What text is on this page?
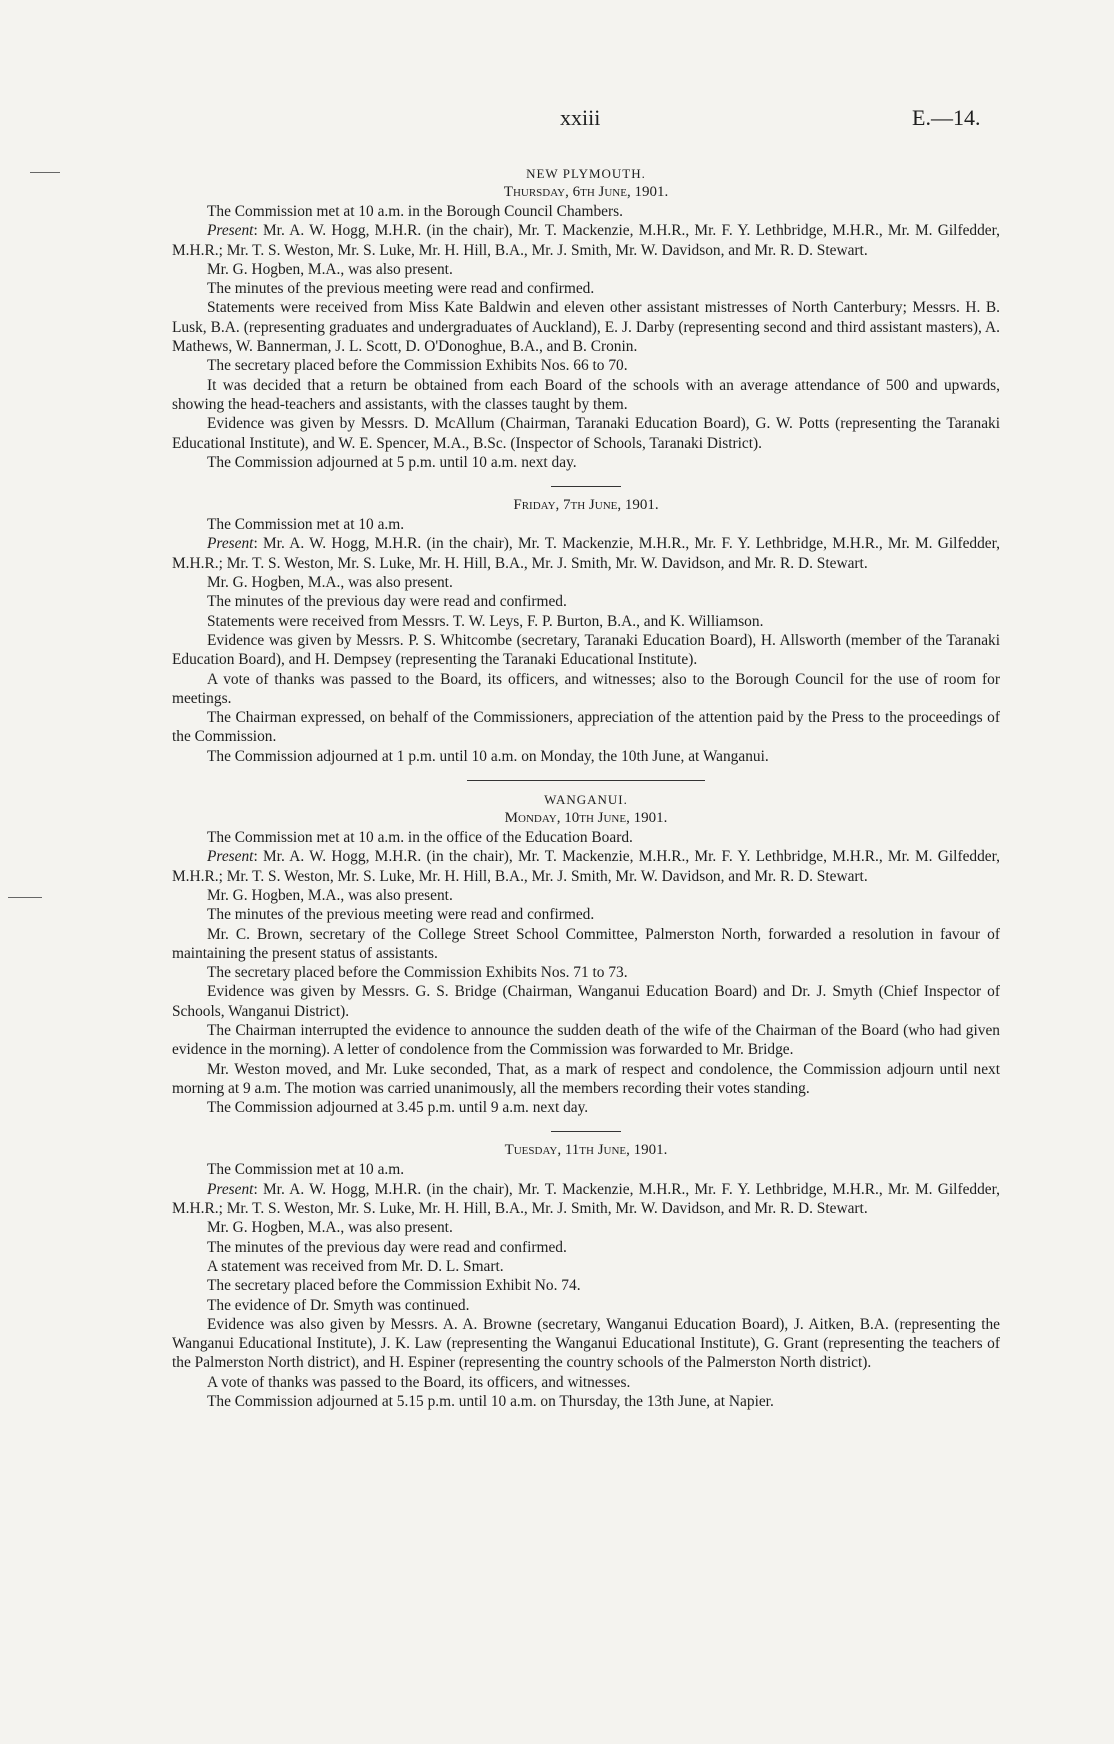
xxiii	E.—14.
NEW PLYMOUTH.
Thursday, 6th June, 1901.

The Commission met at 10 a.m. in the Borough Council Chambers.

Present: Mr. A. W. Hogg, M.H.R. (in the chair), Mr. T. Mackenzie, M.H.R., Mr. F. Y. Lethbridge, M.H.R., Mr. M. Gilfedder, M.H.R.; Mr. T. S. Weston, Mr. S. Luke, Mr. H. Hill, B.A., Mr. J. Smith, Mr. W. Davidson, and Mr. R. D. Stewart.

Mr. G. Hogben, M.A., was also present.

The minutes of the previous meeting were read and confirmed.

Statements were received from Miss Kate Baldwin and eleven other assistant mistresses of North Canterbury; Messrs. H. B. Lusk, B.A. (representing graduates and undergraduates of Auckland), E. J. Darby (representing second and third assistant masters), A. Mathews, W. Bannerman, J. L. Scott, D. O'Donoghue, B.A., and B. Cronin.

The secretary placed before the Commission Exhibits Nos. 66 to 70.

It was decided that a return be obtained from each Board of the schools with an average attendance of 500 and upwards, showing the head-teachers and assistants, with the classes taught by them.

Evidence was given by Messrs. D. McAllum (Chairman, Taranaki Education Board), G. W. Potts (representing the Taranaki Educational Institute), and W. E. Spencer, M.A., B.Sc. (Inspector of Schools, Taranaki District).

The Commission adjourned at 5 p.m. until 10 a.m. next day.

Friday, 7th June, 1901.

The Commission met at 10 a.m.

Present: Mr. A. W. Hogg, M.H.R. (in the chair), Mr. T. Mackenzie, M.H.R., Mr. F. Y. Lethbridge, M.H.R., Mr. M. Gilfedder, M.H.R.; Mr. T. S. Weston, Mr. S. Luke, Mr. H. Hill, B.A., Mr. J. Smith, Mr. W. Davidson, and Mr. R. D. Stewart.

Mr. G. Hogben, M.A., was also present.

The minutes of the previous day were read and confirmed.

Statements were received from Messrs. T. W. Leys, F. P. Burton, B.A., and K. Williamson.

Evidence was given by Messrs. P. S. Whitcombe (secretary, Taranaki Education Board), H. Allsworth (member of the Taranaki Education Board), and H. Dempsey (representing the Taranaki Educational Institute).

A vote of thanks was passed to the Board, its officers, and witnesses; also to the Borough Council for the use of room for meetings.

The Chairman expressed, on behalf of the Commissioners, appreciation of the attention paid by the Press to the proceedings of the Commission.

The Commission adjourned at 1 p.m. until 10 a.m. on Monday, the 10th June, at Wanganui.

WANGANUI.
Monday, 10th June, 1901.

The Commission met at 10 a.m. in the office of the Education Board.

Present: Mr. A. W. Hogg, M.H.R. (in the chair), Mr. T. Mackenzie, M.H.R., Mr. F. Y. Lethbridge, M.H.R., Mr. M. Gilfedder, M.H.R.; Mr. T. S. Weston, Mr. S. Luke, Mr. H. Hill, B.A., Mr. J. Smith, Mr. W. Davidson, and Mr. R. D. Stewart.

Mr. G. Hogben, M.A., was also present.

The minutes of the previous meeting were read and confirmed.

Mr. C. Brown, secretary of the College Street School Committee, Palmerston North, forwarded a resolution in favour of maintaining the present status of assistants.

The secretary placed before the Commission Exhibits Nos. 71 to 73.

Evidence was given by Messrs. G. S. Bridge (Chairman, Wanganui Education Board) and Dr. J. Smyth (Chief Inspector of Schools, Wanganui District).

The Chairman interrupted the evidence to announce the sudden death of the wife of the Chairman of the Board (who had given evidence in the morning). A letter of condolence from the Commission was forwarded to Mr. Bridge.

Mr. Weston moved, and Mr. Luke seconded, That, as a mark of respect and condolence, the Commission adjourn until next morning at 9 a.m. The motion was carried unanimously, all the members recording their votes standing.

The Commission adjourned at 3.45 p.m. until 9 a.m. next day.

Tuesday, 11th June, 1901.

The Commission met at 10 a.m.

Present: Mr. A. W. Hogg, M.H.R. (in the chair), Mr. T. Mackenzie, M.H.R., Mr. F. Y. Lethbridge, M.H.R., Mr. M. Gilfedder, M.H.R.; Mr. T. S. Weston, Mr. S. Luke, Mr. H. Hill, B.A., Mr. J. Smith, Mr. W. Davidson, and Mr. R. D. Stewart.

Mr. G. Hogben, M.A., was also present.

The minutes of the previous day were read and confirmed.

A statement was received from Mr. D. L. Smart.

The secretary placed before the Commission Exhibit No. 74.

The evidence of Dr. Smyth was continued.

Evidence was also given by Messrs. A. A. Browne (secretary, Wanganui Education Board), J. Aitken, B.A. (representing the Wanganui Educational Institute), J. K. Law (representing the Wanganui Educational Institute), G. Grant (representing the teachers of the Palmerston North district), and H. Espiner (representing the country schools of the Palmerston North district).

A vote of thanks was passed to the Board, its officers, and witnesses.

The Commission adjourned at 5.15 p.m. until 10 a.m. on Thursday, the 13th June, at Napier.
